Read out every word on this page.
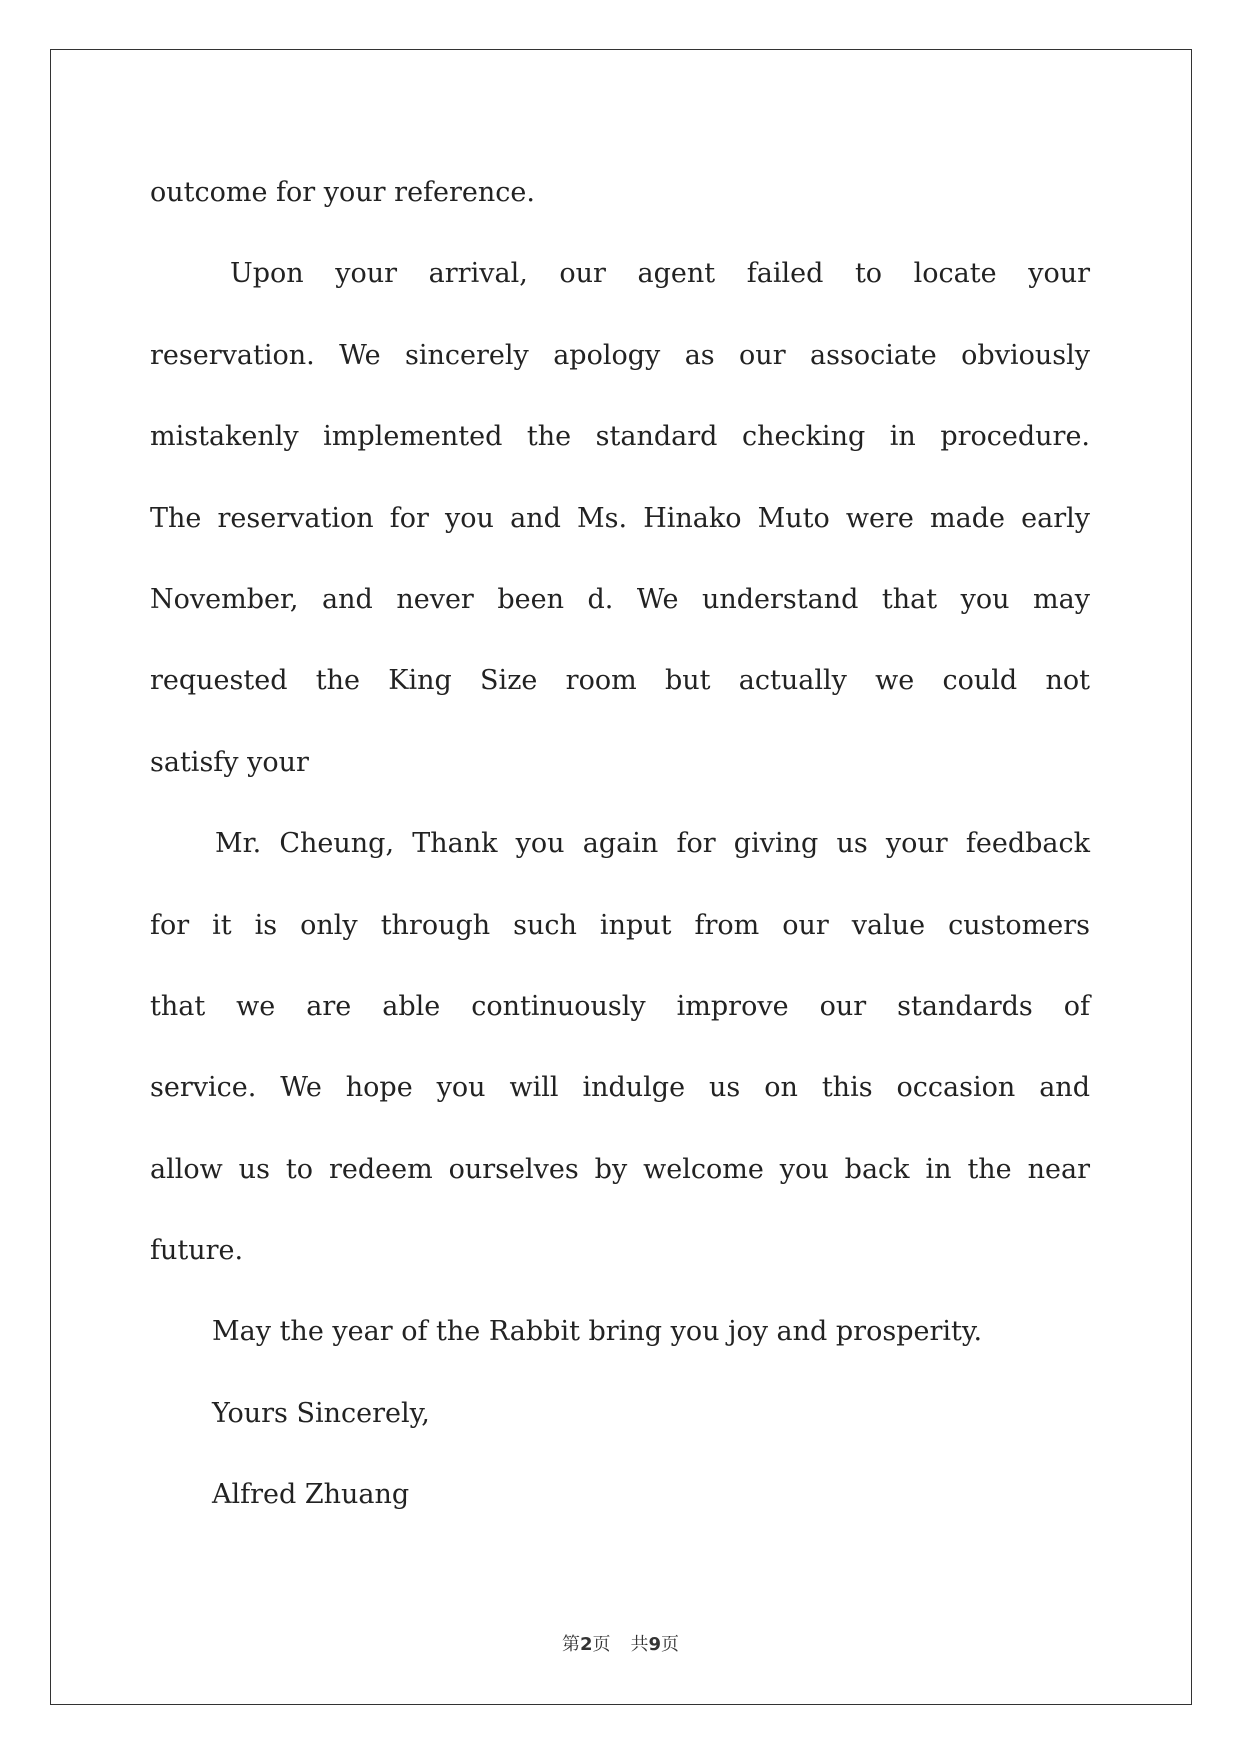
outcome for your reference.
Upon your arrival, our agent failed to locate your
reservation. We sincerely apology as our associate obviously
mistakenly implemented the standard checking in procedure.
The reservation for you and Ms. Hinako Muto were made early
November, and never been d. We understand that you may
requested the King Size room but actually we could not
satisfy your
Mr. Cheung, Thank you again for giving us your feedback
for it is only through such input from our value customers
that we are able continuously improve our standards of
service. We hope you will indulge us on this occasion and
allow us to redeem ourselves by welcome you back in the near
future.
May the year of the Rabbit bring you joy and prosperity.
Yours Sincerely,
Alfred Zhuang
第2页 共9页
